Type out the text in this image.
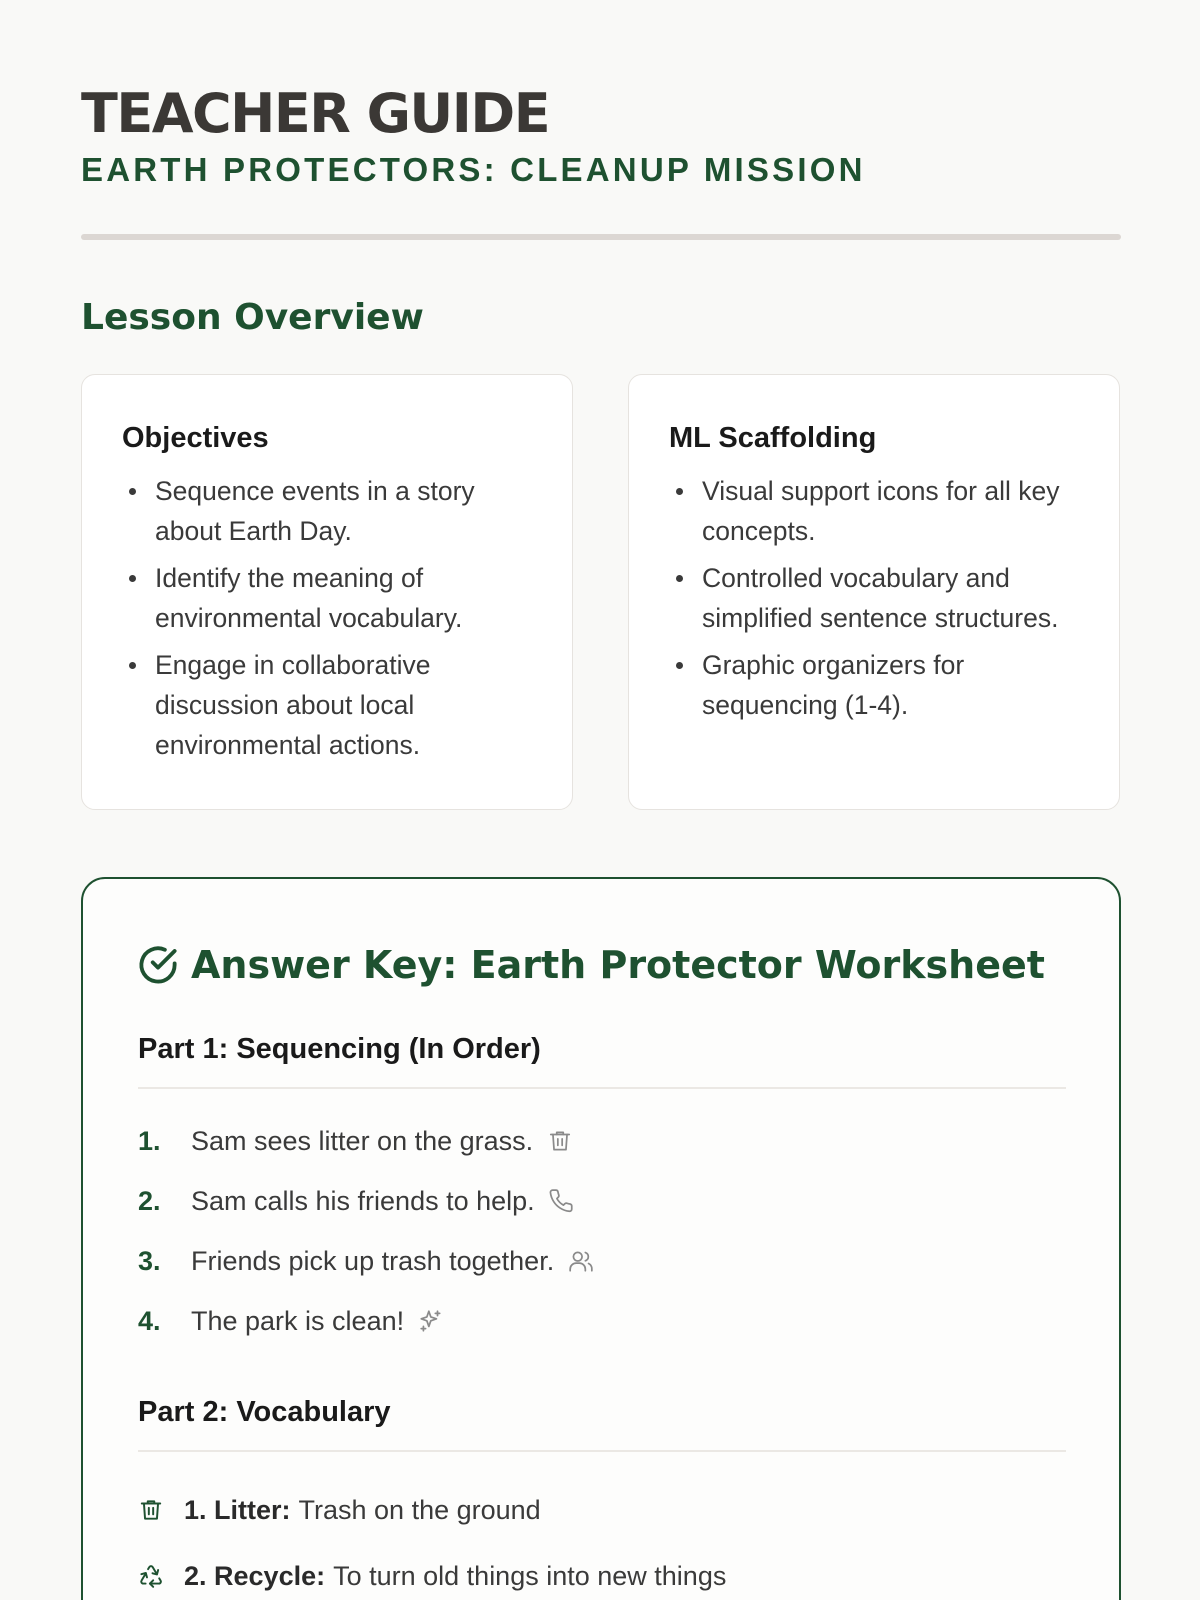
TEACHER GUIDE
EARTH PROTECTORS: CLEANUP MISSION
Lesson Overview
Objectives
Sequence events in a story about Earth Day.
Identify the meaning of environmental vocabulary.
Engage in collaborative discussion about local environmental actions.
ML Scaffolding
Visual support icons for all key concepts.
Controlled vocabulary and simplified sentence structures.
Graphic organizers for sequencing (1-4).
Answer Key: Earth Protector Worksheet
Part 1: Sequencing (In Order)
1.	Sam sees litter on the grass.
2.	Sam calls his friends to help.
3.	Friends pick up trash together.
4.	The park is clean!
Part 2: Vocabulary
1. Litter: Trash on the ground
2. Recycle: To turn old things into new things
